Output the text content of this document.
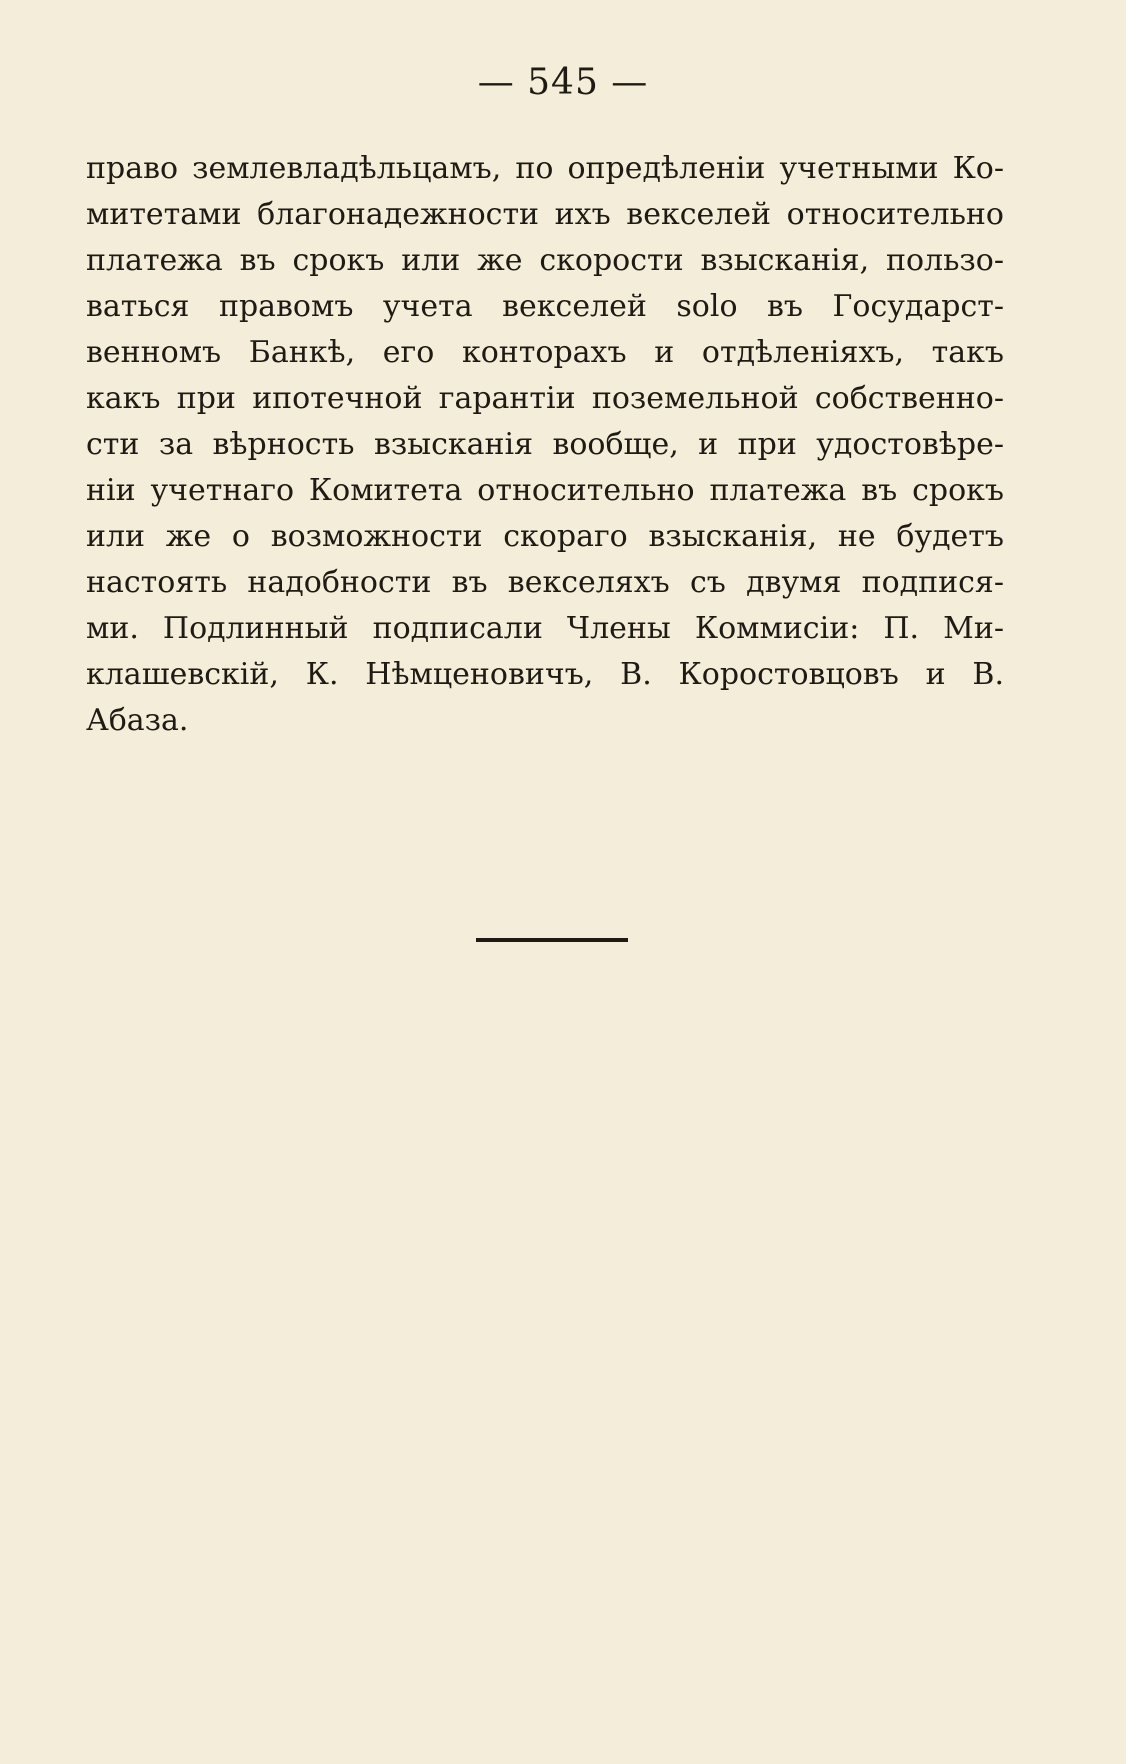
— 545 —
право землевладѣльцамъ, по опредѣленіи учетными Ко-
митетами благонадежности ихъ векселей относительно
платежа въ срокъ или же скорости взысканія, пользо-
ваться правомъ учета векселей solo въ Государст-
венномъ Банкѣ, его конторахъ и отдѣленіяхъ, такъ
какъ при ипотечной гарантіи поземельной собственно-
сти за вѣрность взысканія вообще, и при удостовѣре-
ніи учетнаго Комитета относительно платежа въ срокъ
или же о возможности скораго взысканія, не будетъ
настоять надобности въ векселяхъ съ двумя подпися-
ми. Подлинный подписали Члены Коммисіи: П. Ми-
клашевскій, К. Нѣмценовичъ, В. Коростовцовъ и В.
Абаза.
